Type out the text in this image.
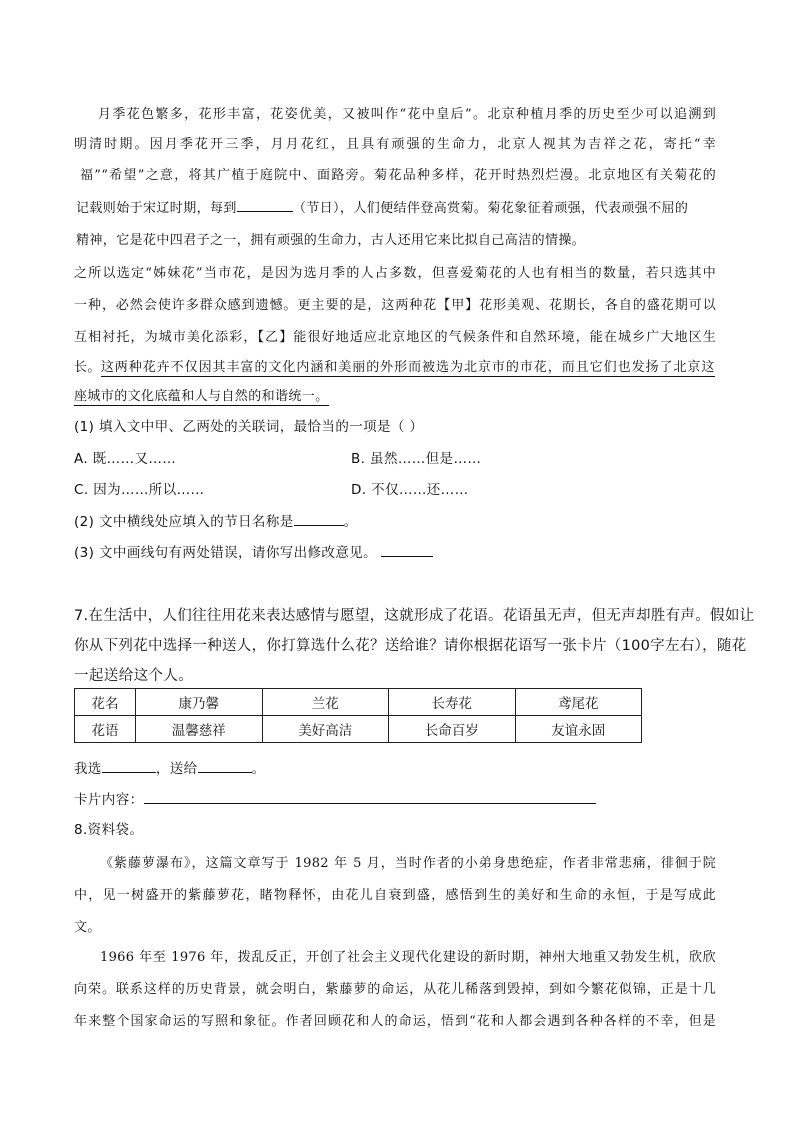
月季花色繁多，花形丰富，花姿优美，又被叫作“花中皇后”。北京种植月季的历史至少可以追溯到
明清时期。因月季花开三季，月月花红，且具有顽强的生命力，北京人视其为吉祥之花，寄托“幸
福”“希望”之意，将其广植于庭院中、面路旁。菊花品种多样，花开时热烈烂漫。北京地区有关菊花的
记载则始于宋辽时期，每到	（节日），人们便结伴登高赏菊。菊花象征着顽强，代表顽强不屈的
精神，它是花中四君子之一，拥有顽强的生命力，古人还用它来比拟自己高洁的情操。
之所以选定“姊妹花”当市花，是因为选月季的人占多数，但喜爱菊花的人也有相当的数量，若只选其中
一种，必然会使许多群众感到遗憾。更主要的是，这两种花【甲】花形美观、花期长，各自的盛花期可以
互相衬托，为城市美化添彩，【乙】能很好地适应北京地区的气候条件和自然环境，能在城乡广大地区生
长。这两种花卉不仅因其丰富的文化内涵和美丽的外形而被选为北京市的市花，而且它们也发扬了北京这
座城市的文化底蕴和人与自然的和谐统一。
(1) 填入文中甲、乙两处的关联词，最恰当的一项是（ ）
A. 既……又……	B. 虽然……但是……
C. 因为……所以……	D. 不仅……还……
(2) 文中横线处应填入的节日名称是	。
(3) 文中画线句有两处错误，请你写出修改意见。
7.在生活中，人们往往用花来表达感情与愿望，这就形成了花语。花语虽无声，但无声却胜有声。假如让
你从下列花中选择一种送人，你打算选什么花？送给谁？请你根据花语写一张卡片（100字左右），随花
一起送给这个人。
花名	康乃馨	兰花	长寿花	鸢尾花
花语	温馨慈祥	美好高洁	长命百岁	友谊永固
我选	，送给	。
卡片内容：
8.资料袋。
《紫藤萝瀑布》，这篇文章写于 1982 年 5 月，当时作者的小弟身患绝症，作者非常悲痛，徘徊于院
中，见一树盛开的紫藤萝花，睹物释怀，由花儿自衰到盛，感悟到生的美好和生命的永恒，于是写成此
文。
1966 年至 1976 年，拨乱反正，开创了社会主义现代化建设的新时期，神州大地重又勃发生机，欣欣
向荣。联系这样的历史背景，就会明白，紫藤萝的命运，从花儿稀落到毁掉，到如今繁花似锦，正是十几
年来整个国家命运的写照和象征。作者回顾花和人的命运，悟到“花和人都会遇到各种各样的不幸，但是
